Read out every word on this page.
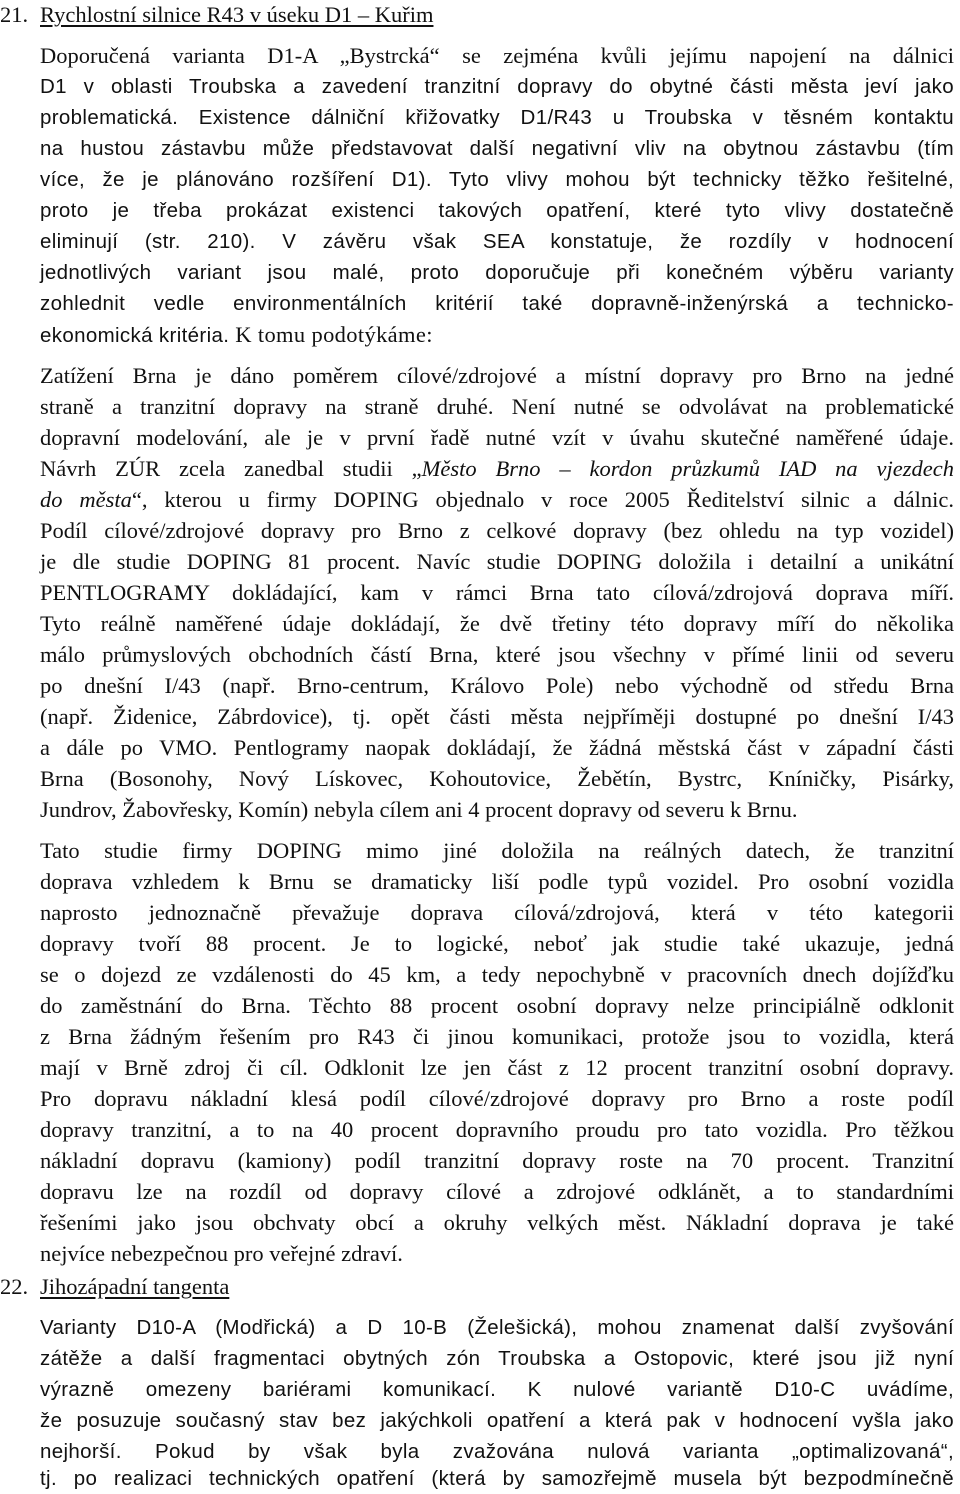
21. Rychlostní silnice R43 v úseku D1 – Kuřim
Doporučená varianta D1-A „Bystrcká“ se zejména kvůli jejímu napojení na dálnici
D1 v oblasti Troubska a zavedení tranzitní dopravy do obytné části města jeví jako
problematická. Existence dálniční křižovatky D1/R43 u Troubska v těsném kontaktu
na hustou zástavbu může představovat další negativní vliv na obytnou zástavbu (tím
více, že je plánováno rozšíření D1). Tyto vlivy mohou být technicky těžko řešitelné,
proto je třeba prokázat existenci takových opatření, které tyto vlivy dostatečně
eliminují (str. 210). V závěru však SEA konstatuje, že rozdíly v hodnocení
jednotlivých variant jsou malé, proto doporučuje při konečném výběru varianty
zohlednit vedle environmentálních kritérií také dopravně-inženýrská a technicko-
ekonomická kritéria. K tomu podotýkáme:
Zatížení Brna je dáno poměrem cílové/zdrojové a místní dopravy pro Brno na jedné
straně a tranzitní dopravy na straně druhé. Není nutné se odvolávat na problematické
dopravní modelování, ale je v první řadě nutné vzít v úvahu skutečné naměřené údaje.
Návrh ZÚR zcela zanedbal studii „Město Brno – kordon průzkumů IAD na vjezdech
do města“, kterou u firmy DOPING objednalo v roce 2005 Ředitelství silnic a dálnic.
Podíl cílové/zdrojové dopravy pro Brno z celkové dopravy (bez ohledu na typ vozidel)
je dle studie DOPING 81 procent. Navíc studie DOPING doložila i detailní a unikátní
PENTLOGRAMY dokládající, kam v rámci Brna tato cílová/zdrojová doprava míří.
Tyto reálně naměřené údaje dokládají, že dvě třetiny této dopravy míří do několika
málo průmyslových obchodních částí Brna, které jsou všechny v přímé linii od severu
po dnešní I/43 (např. Brno-centrum, Královo Pole) nebo východně od středu Brna
(např. Židenice, Zábrdovice), tj. opět části města nejpříměji dostupné po dnešní I/43
a dále po VMO. Pentlogramy naopak dokládají, že žádná městská část v západní části
Brna (Bosonohy, Nový Lískovec, Kohoutovice, Žebětín, Bystrc, Kníničky, Pisárky,
Jundrov, Žabovřesky, Komín) nebyla cílem ani 4 procent dopravy od severu k Brnu.
Tato studie firmy DOPING mimo jiné doložila na reálných datech, že tranzitní
doprava vzhledem k Brnu se dramaticky liší podle typů vozidel. Pro osobní vozidla
naprosto jednoznačně převažuje doprava cílová/zdrojová, která v této kategorii
dopravy tvoří 88 procent. Je to logické, neboť jak studie také ukazuje, jedná
se o dojezd ze vzdálenosti do 45 km, a tedy nepochybně v pracovních dnech dojížďku
do zaměstnání do Brna. Těchto 88 procent osobní dopravy nelze principiálně odklonit
z Brna žádným řešením pro R43 či jinou komunikaci, protože jsou to vozidla, která
mají v Brně zdroj či cíl. Odklonit lze jen část z 12 procent tranzitní osobní dopravy.
Pro dopravu nákladní klesá podíl cílové/zdrojové dopravy pro Brno a roste podíl
dopravy tranzitní, a to na 40 procent dopravního proudu pro tato vozidla. Pro těžkou
nákladní dopravu (kamiony) podíl tranzitní dopravy roste na 70 procent. Tranzitní
dopravu lze na rozdíl od dopravy cílové a zdrojové odklánět, a to standardními
řešeními jako jsou obchvaty obcí a okruhy velkých měst. Nákladní doprava je také
nejvíce nebezpečnou pro veřejné zdraví.
22. Jihozápadní tangenta
Varianty D10-A (Modřická) a D 10-B (Želešická), mohou znamenat další zvyšování
zátěže a další fragmentaci obytných zón Troubska a Ostopovic, které jsou již nyní
výrazně omezeny bariérami komunikací. K nulové variantě D10-C uvádíme,
že posuzuje současný stav bez jakýchkoli opatření a která pak v hodnocení vyšla jako
nejhorší. Pokud by však byla zvažována nulová varianta „optimalizovaná“,
tj. po realizaci technických opatření (která by samozřejmě musela být bezpodmínečně
